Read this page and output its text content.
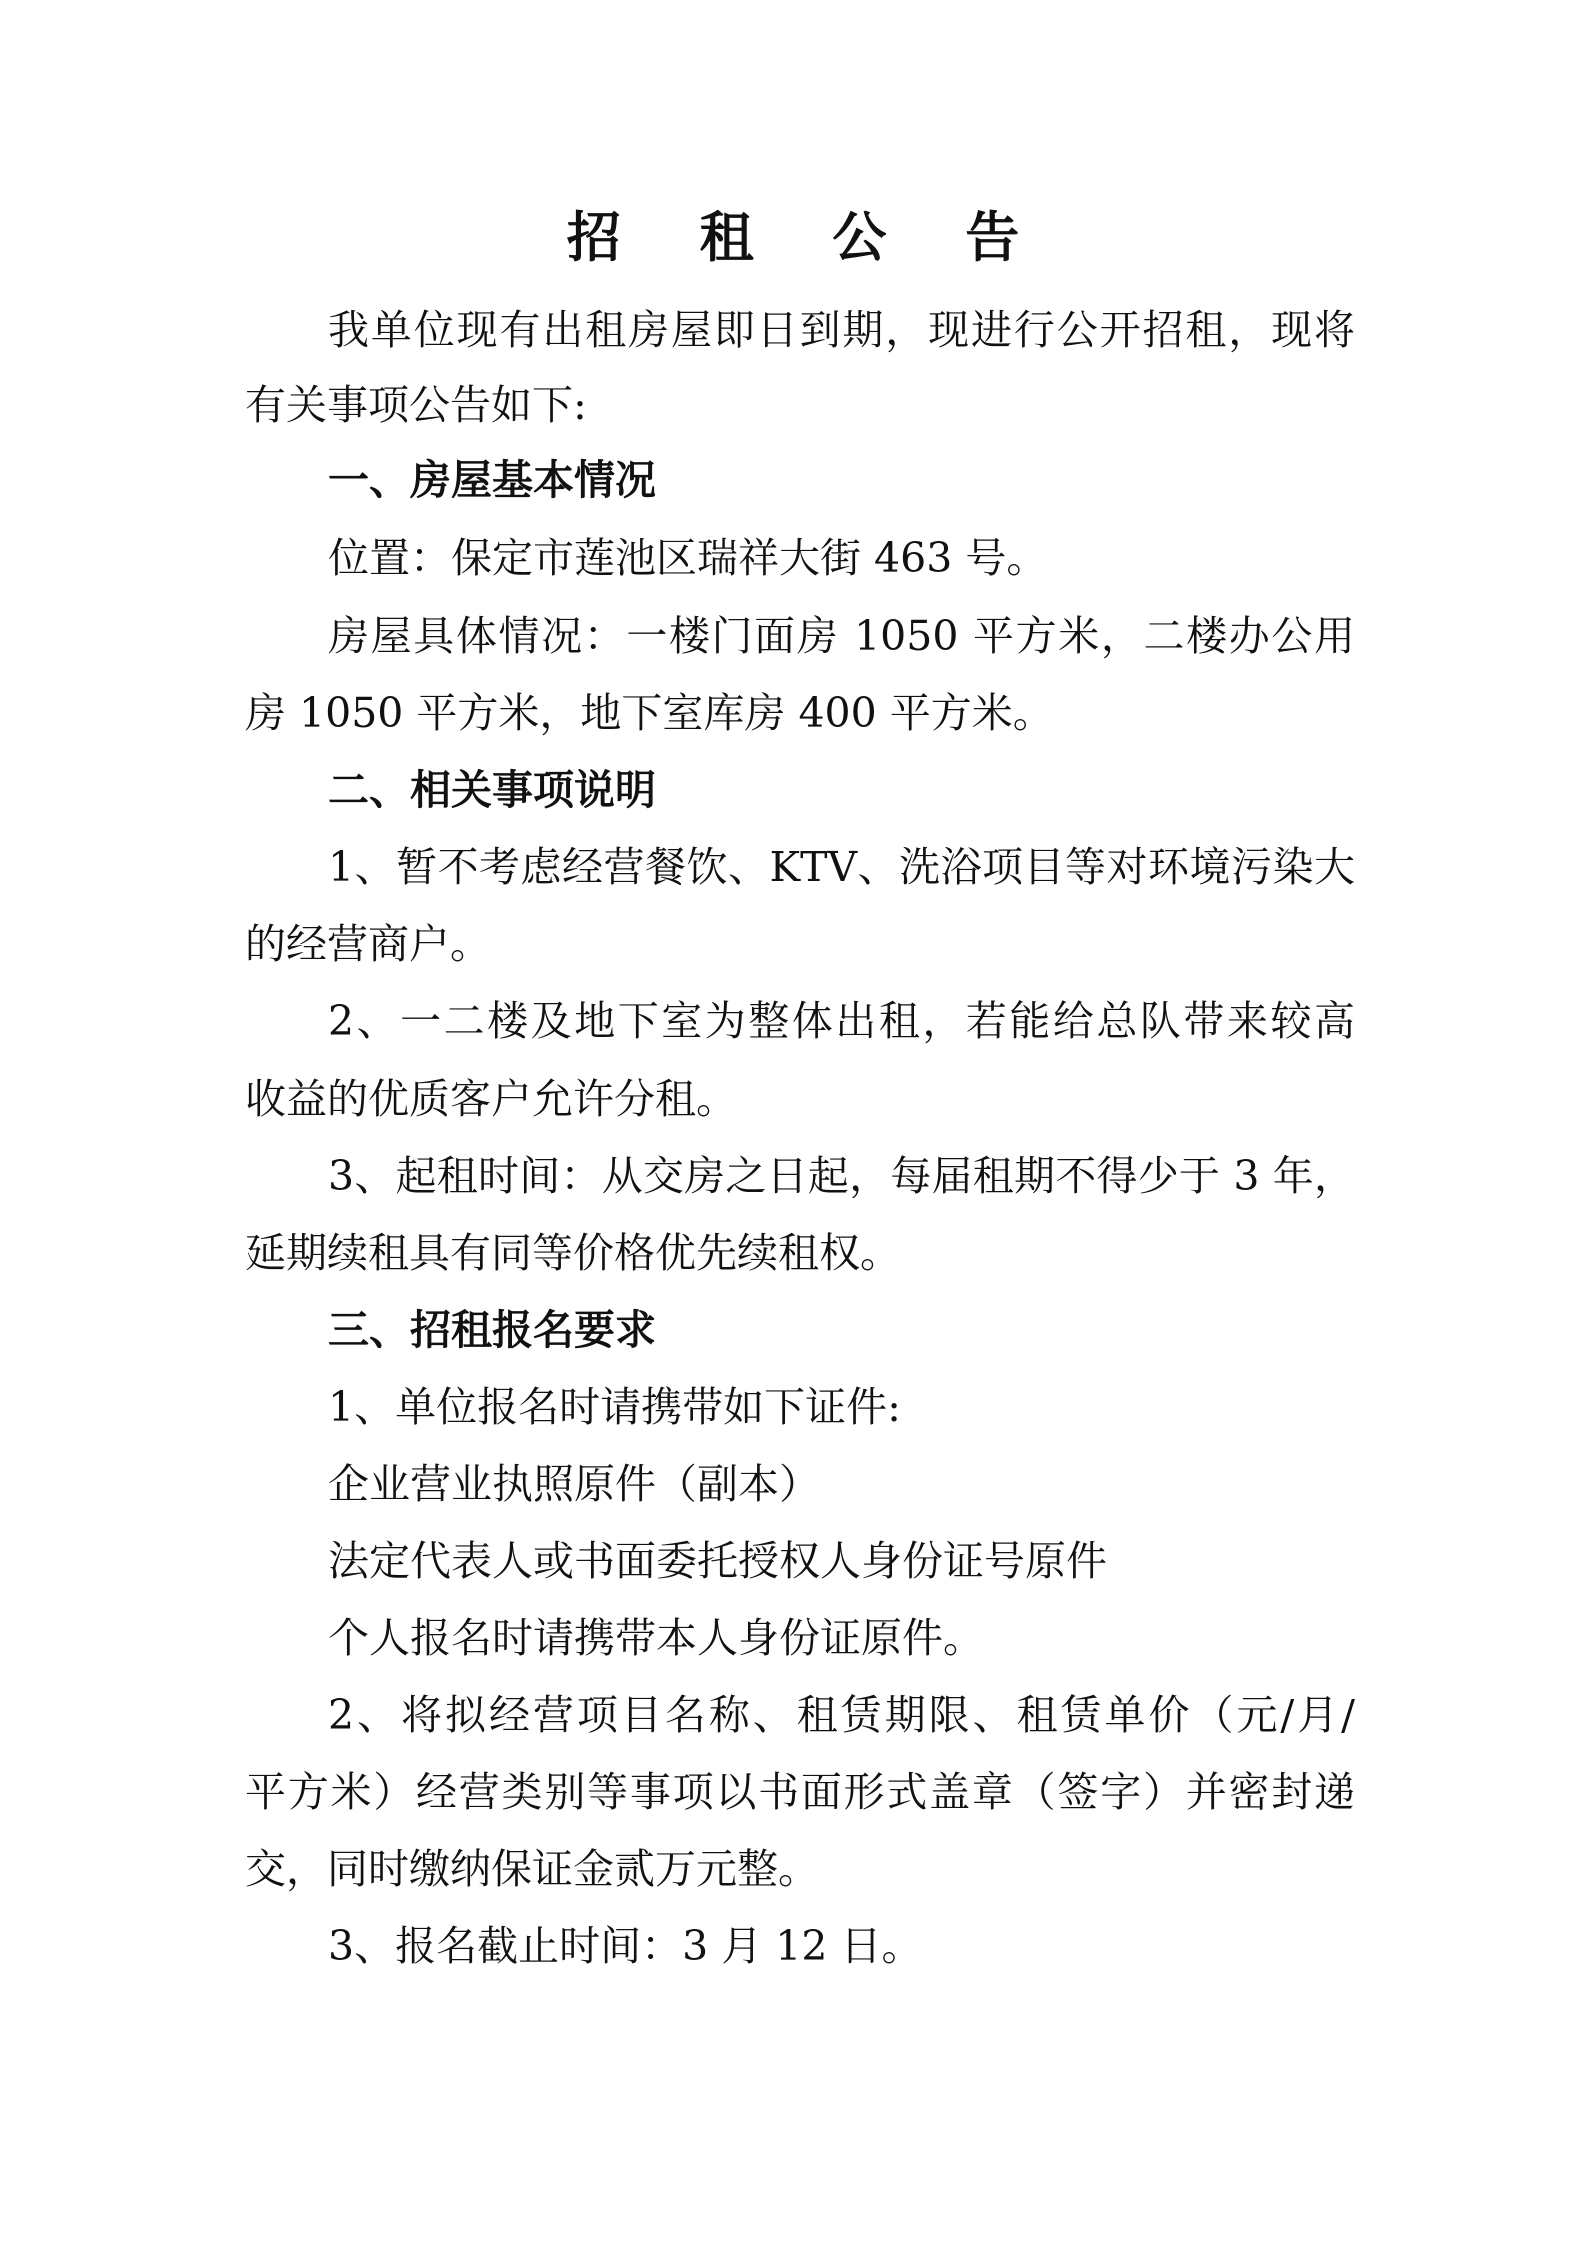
招 租 公 告
我单位现有出租房屋即日到期，现进行公开招租，现将
有关事项公告如下:
一、房屋基本情况
位置：保定市莲池区瑞祥大街 463 号。
房屋具体情况：一楼门面房 1050 平方米，二楼办公用
房 1050 平方米，地下室库房 400 平方米。
二、相关事项说明
1、暂不考虑经营餐饮、KTV、洗浴项目等对环境污染大
的经营商户。
2、一二楼及地下室为整体出租，若能给总队带来较高
收益的优质客户允许分租。
3、起租时间：从交房之日起，每届租期不得少于 3 年，
延期续租具有同等价格优先续租权。
三、招租报名要求
1、单位报名时请携带如下证件:
企业营业执照原件（副本）
法定代表人或书面委托授权人身份证号原件
个人报名时请携带本人身份证原件。
2、将拟经营项目名称、租赁期限、租赁单价（元/月/
平方米）经营类别等事项以书面形式盖章（签字）并密封递
交，同时缴纳保证金贰万元整。
3、报名截止时间：3 月 12 日。
